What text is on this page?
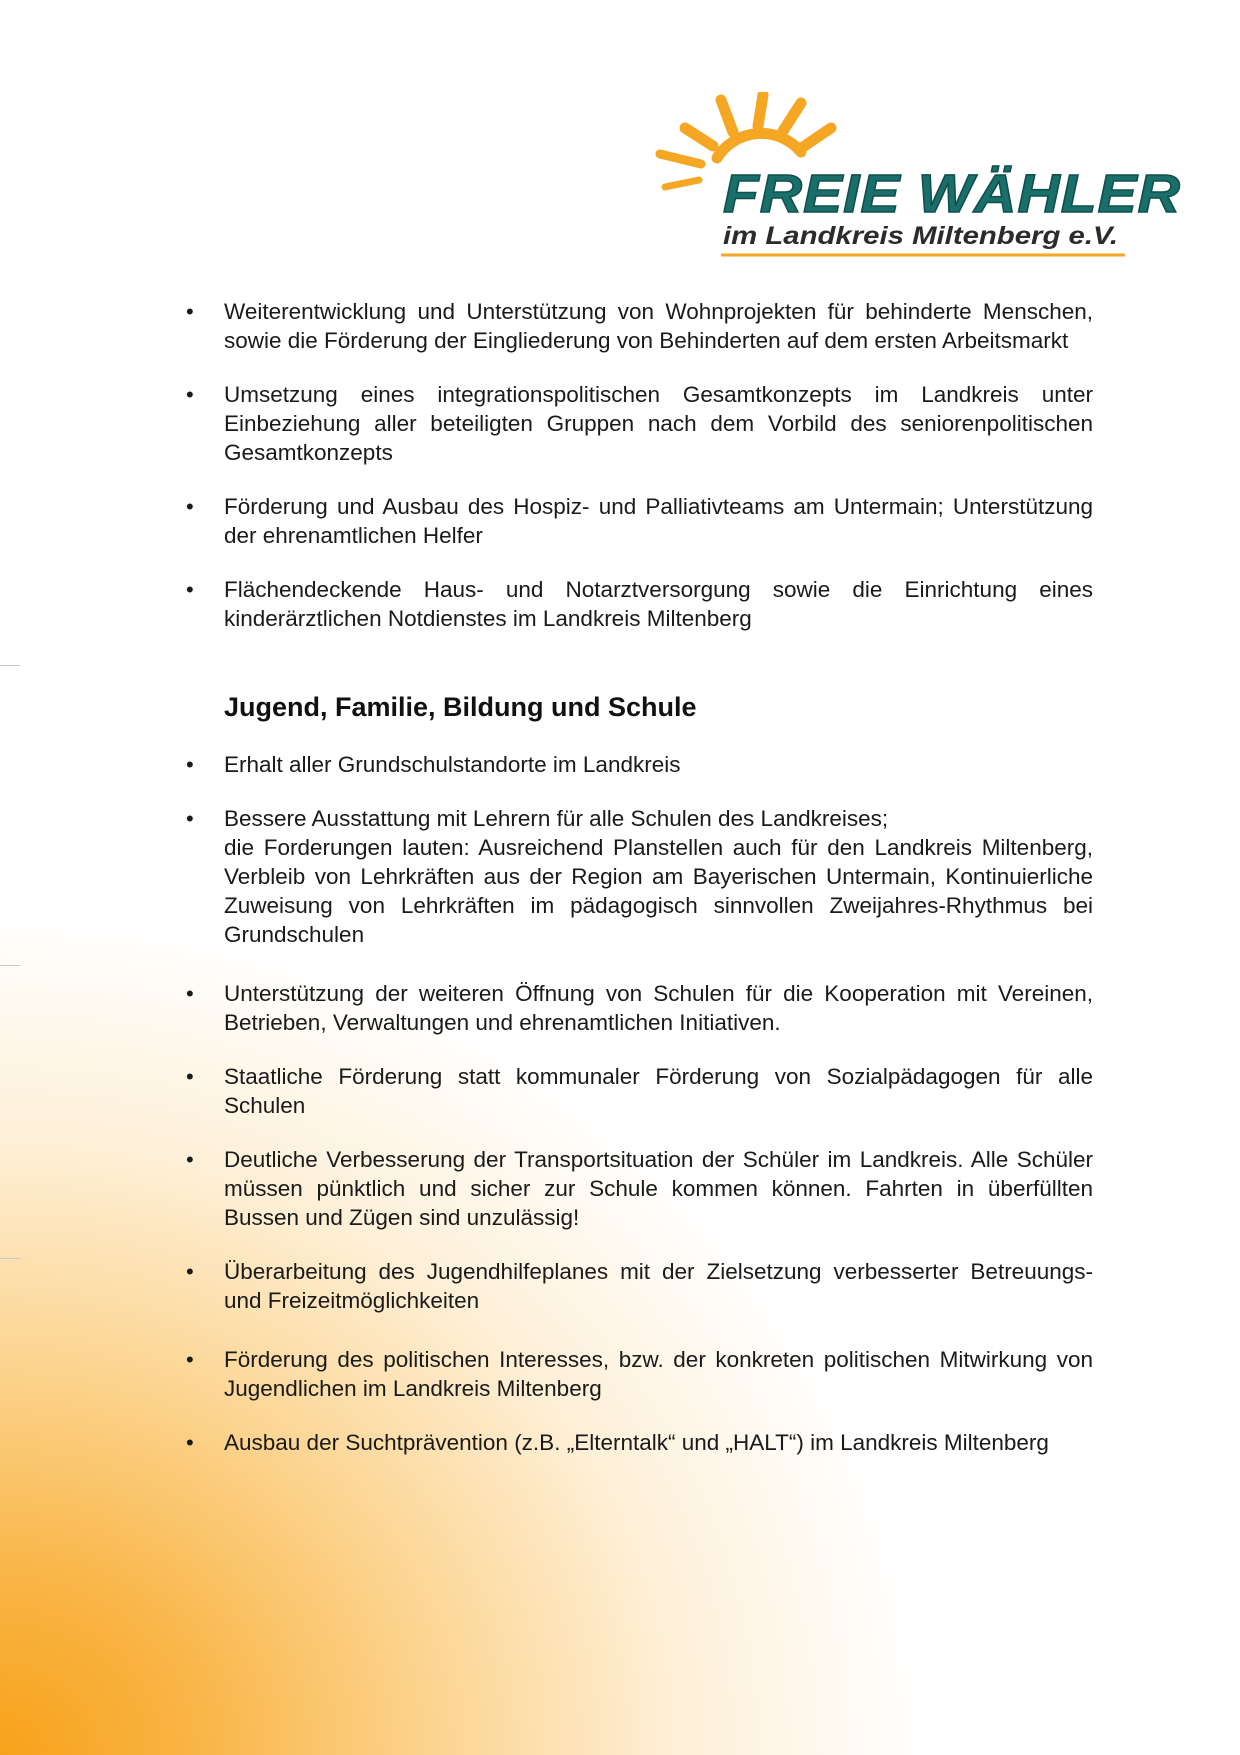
FREIE WÄHLER
im Landkreis Miltenberg e.V.
• Weiterentwicklung und Unterstützung von Wohnprojekten für behinderte Menschen, sowie die Förderung der Eingliederung von Behinderten auf dem ersten Arbeitsmarkt
• Umsetzung eines integrationspolitischen Gesamtkonzepts im Landkreis unter Einbeziehung aller beteiligten Gruppen nach dem Vorbild des seniorenpolitischen Gesamtkonzepts
• Förderung und Ausbau des Hospiz- und Palliativteams am Untermain; Unterstützung der ehrenamtlichen Helfer
• Flächendeckende Haus- und Notarztversorgung sowie die Einrichtung eines kinderärztlichen Notdienstes im Landkreis Miltenberg
Jugend, Familie, Bildung und Schule
• Erhalt aller Grundschulstandorte im Landkreis
• Bessere Ausstattung mit Lehrern für alle Schulen des Landkreises;
die Forderungen lauten: Ausreichend Planstellen auch für den Landkreis Miltenberg, Verbleib von Lehrkräften aus der Region am Bayerischen Untermain, Kontinuierliche Zuweisung von Lehrkräften im pädagogisch sinnvollen Zweijahres-Rhythmus bei Grundschulen
• Unterstützung der weiteren Öffnung von Schulen für die Kooperation mit Vereinen, Betrieben, Verwaltungen und ehrenamtlichen Initiativen.
• Staatliche Förderung statt kommunaler Förderung von Sozialpädagogen für alle Schulen
• Deutliche Verbesserung der Transportsituation der Schüler im Landkreis. Alle Schüler müssen pünktlich und sicher zur Schule kommen können. Fahrten in überfüllten Bussen und Zügen sind unzulässig!
• Überarbeitung des Jugendhilfeplanes mit der Zielsetzung verbesserter Betreuungs- und Freizeitmöglichkeiten
• Förderung des politischen Interesses, bzw. der konkreten politischen Mitwirkung von Jugendlichen im Landkreis Miltenberg
• Ausbau der Suchtprävention (z.B. „Elterntalk“ und „HALT“) im Landkreis Miltenberg
